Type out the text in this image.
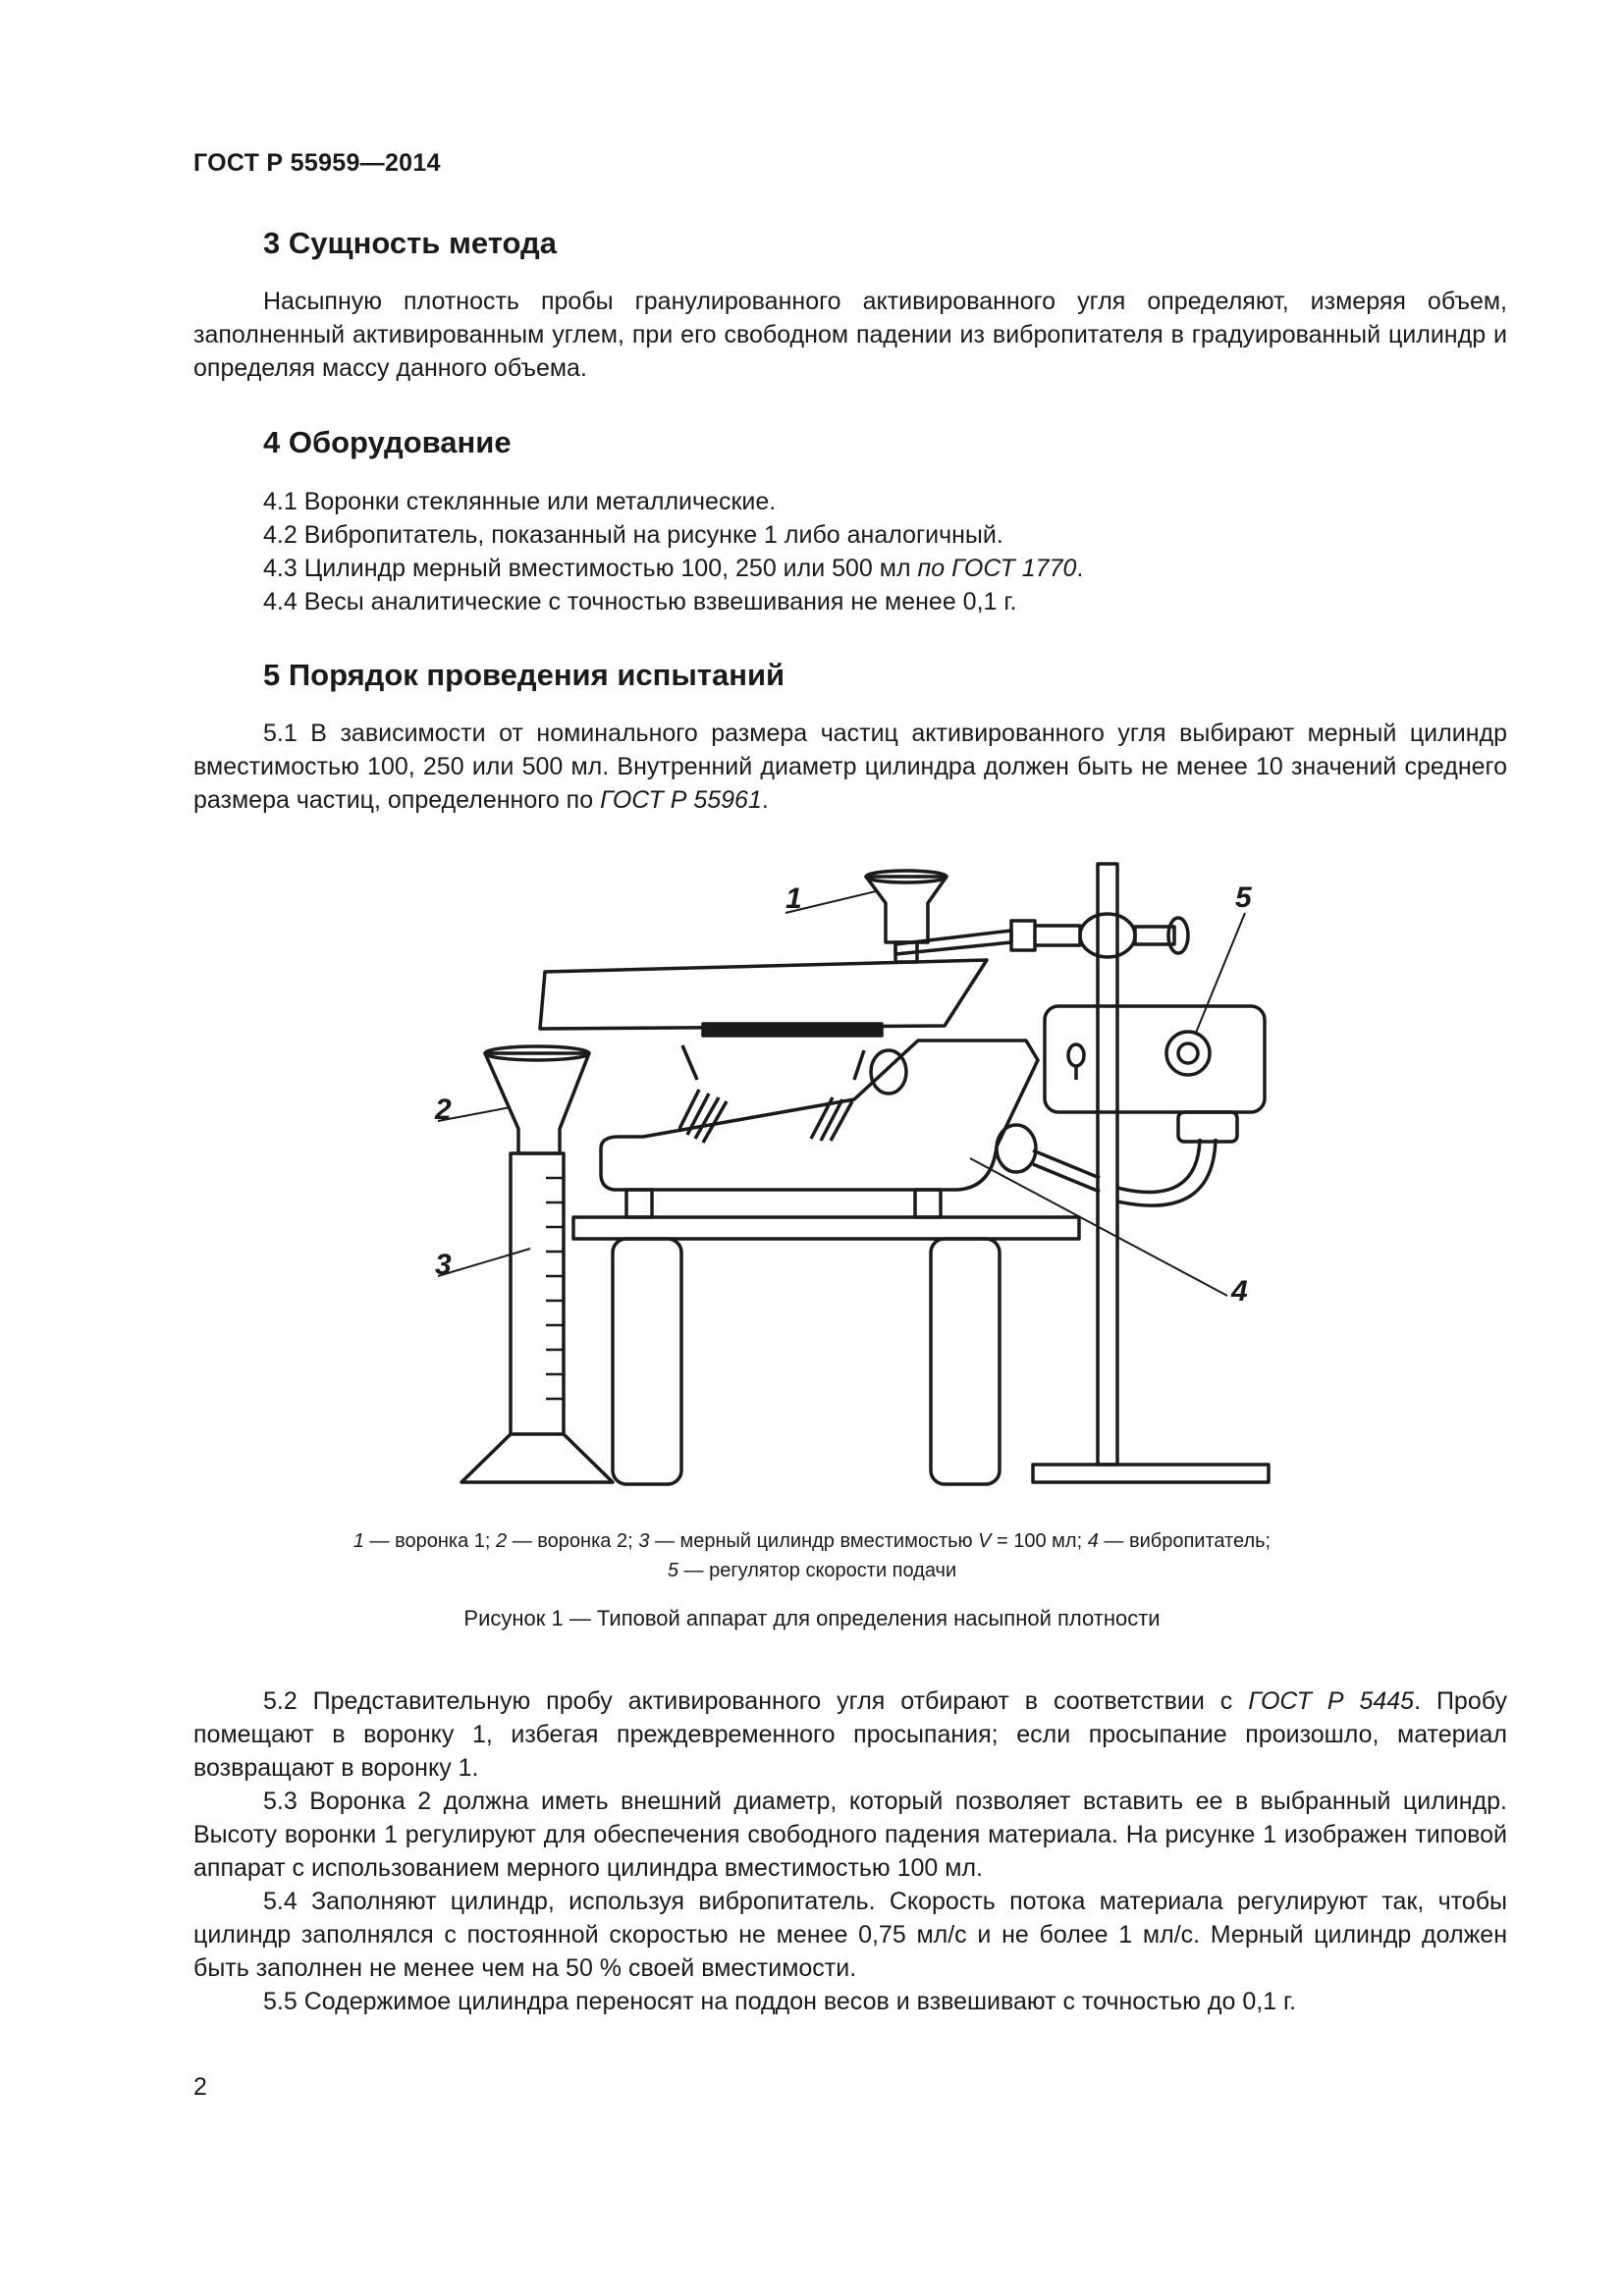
ГОСТ Р 55959—2014
3 Сущность метода
Насыпную плотность пробы гранулированного активированного угля определяют, измеряя объем, заполненный активированным углем, при его свободном падении из вибропитателя в градуированный цилиндр и определяя массу данного объема.
4 Оборудование
4.1 Воронки стеклянные или металлические.
4.2 Вибропитатель, показанный на рисунке 1 либо аналогичный.
4.3 Цилиндр мерный вместимостью 100, 250 или 500 мл по ГОСТ 1770.
4.4 Весы аналитические с точностью взвешивания не менее 0,1 г.
5 Порядок проведения испытаний
5.1 В зависимости от номинального размера частиц активированного угля выбирают мерный цилиндр вместимостью 100, 250 или 500 мл. Внутренний диаметр цилиндра должен быть не менее 10 значений среднего размера частиц, определенного по ГОСТ Р 55961.
1
2
3
4
5
1 — воронка 1; 2 — воронка 2; 3 — мерный цилиндр вместимостью V = 100 мл; 4 — вибропитатель;
5 — регулятор скорости подачи
Рисунок 1 — Типовой аппарат для определения насыпной плотности
5.2 Представительную пробу активированного угля отбирают в соответствии с ГОСТ Р 5445. Пробу помещают в воронку 1, избегая преждевременного просыпания; если просыпание произошло, материал возвращают в воронку 1.
5.3 Воронка 2 должна иметь внешний диаметр, который позволяет вставить ее в выбранный цилиндр. Высоту воронки 1 регулируют для обеспечения свободного падения материала. На рисунке 1 изображен типовой аппарат с использованием мерного цилиндра вместимостью 100 мл.
5.4 Заполняют цилиндр, используя вибропитатель. Скорость потока материала регулируют так, чтобы цилиндр заполнялся с постоянной скоростью не менее 0,75 мл/с и не более 1 мл/с. Мерный цилиндр должен быть заполнен не менее чем на 50 % своей вместимости.
5.5 Содержимое цилиндра переносят на поддон весов и взвешивают с точностью до 0,1 г.
2
